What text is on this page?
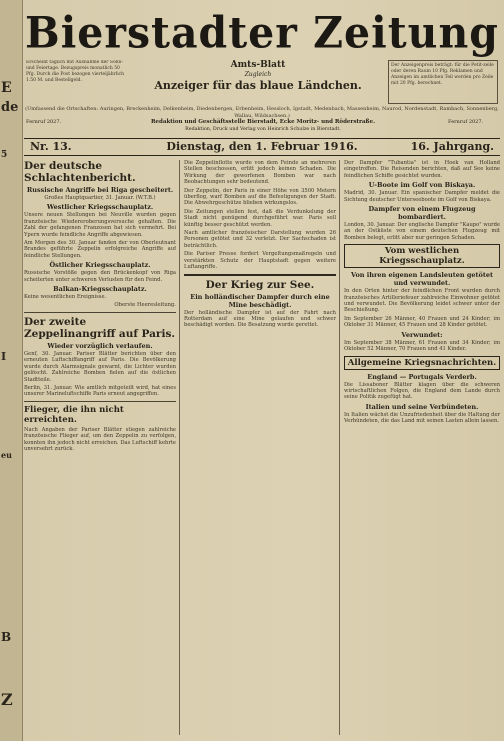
E
de
5
I
eu
B
Z
Bierstadter Zeitung
Erscheint täglich mit Ausnahme der Sonn- und Feiertage. Bezugspreis monatlich 50 Pfg. Durch die Post bezogen vierteljährlich 1.50 M. und Bestellgeld.
Amts-Blatt
Zugleich
Anzeiger für das blaue Ländchen.
Der Anzeigenpreis beträgt: für die Petit-zeile oder deren Raum 10 Pfg. Reklamen und Anzeigen im amtlichen Teil werden pro Zeile mit 20 Pfg. berechnet.
(Umfassend die Ortschaften: Auringen, Breckenheim, Delkenheim, Diedenbergen, Erbenheim, Hessloch, Igstadt, Medenbach, Massenheim, Naurod, Nordenstadt, Rambach, Sonnenberg, Wallau, Wildsachsen.)
Fernruf 2027.	Redaktion und Geschäftsstelle Bierstadt, Ecke Moritz- und Röderstraße.
Redaktion, Druck und Verlag von Heinrich Schulze in Bierstadt.
Fernruf 2027.
Nr. 13.	Dienstag, den 1. Februar 1916.	16. Jahrgang.
Der deutsche Schlachtenbericht.
Russische Angriffe bei Riga gescheitert.
Großes Hauptquartier, 31. Januar. (W.T.B.)
Westlicher Kriegsschauplatz.

Unsere neuen Stellungen bei Neuville wurden gegen französische Wiedereroberungsversuche gehalten. Die Zahl der gefangenen Franzosen hat sich vermehrt. Bei Ypern wurde feindliche Angriffe abgewiesen.

Am Morgen des 30. Januar fanden der von Oberleutnant Brandes geführte Zeppelin erfolgreiche Angriffe auf feindliche Stellungen.

Östlicher Kriegsschauplatz.

Russische Vorstöße gegen den Brückenkopf von Riga scheiterten unter schweren Verlusten für den Feind.

Balkan-Kriegsschauplatz.

Keine wesentlichen Ereignisse.

Oberste Heeresleitung.
Der zweite Zeppelinangriff auf Paris.
Wieder vorzüglich verlaufen.

Genf, 30. Januar. Pariser Blätter berichten über den erneuten Luftschiffangriff auf Paris. Die Bevölkerung wurde durch Alarmsignale gewarnt, die Lichter wurden gelöscht. Zahlreiche Bomben fielen auf die östlichen Stadtteile.

Berlin, 31. Januar. Wie amtlich mitgeteilt wird, hat eines unserer Marineluftschiffe Paris erneut angegriffen.

Flieger, die ihn nicht erreichten.

Nach Angaben der Pariser Blätter stiegen zahlreiche französische Flieger auf, um den Zeppelin zu verfolgen, konnten ihn jedoch nicht erreichen. Das Luftschiff kehrte unversehrt zurück.

Die Zeppelinflotte wurde von dem Feinde an mehreren Stellen beschossen, erlitt jedoch keinen Schaden. Die Wirkung der geworfenen Bomben war nach Beobachtungen sehr bedeutend.

Der Zeppelin, der Paris in einer Höhe von 3500 Metern überflog, warf Bomben auf die Befestigungen der Stadt. Die Abwehrgeschütze blieben wirkungslos.

Die Zeitungen stellen fest, daß die Verdunkelung der Stadt nicht genügend durchgeführt war. Paris soll künftig besser geschützt werden.

Nach amtlicher französischer Darstellung wurden 26 Personen getötet und 32 verletzt. Der Sachschaden ist beträchtlich.

Die Pariser Presse fordert Vergeltungsmaßregeln und verstärkten Schutz der Hauptstadt gegen weitere Luftangriffe.

Der Krieg zur See.
Ein holländischer Dampfer durch eine Mine beschädigt.

Der holländische Dampfer ist auf der Fahrt nach Rotterdam auf eine Mine gelaufen und schwer beschädigt worden. Die Besatzung wurde gerettet.

Der Dampfer "Tubantia" ist in Hoek van Holland eingetroffen. Die Reisenden berichten, daß auf See keine feindlichen Schiffe gesichtet wurden.

U-Boote im Golf von Biskaya.

Madrid, 30. Januar. Ein spanischer Dampfer meldet die Sichtung deutscher Unterseeboote im Golf von Biskaya.

Dampfer von einem Flugzeug bombardiert.

London, 30. Januar. Der englische Dampfer "Kaupo" wurde an der Ostküste von einem deutschen Flugzeug mit Bomben belegt, erlitt aber nur geringen Schaden.

Vom westlichen Kriegsschauplatz.
Von ihren eigenen Landsleuten getötet und verwundet.

In den Orten hinter der feindlichen Front wurden durch französisches Artilleriefeuer zahlreiche Einwohner getötet und verwundet. Die Bevölkerung leidet schwer unter der Beschießung.

Im September 26 Männer, 40 Frauen und 24 Kinder; im Oktober 31 Männer, 45 Frauen und 28 Kinder getötet.

Verwundet:

Im September 38 Männer, 61 Frauen und 34 Kinder; im Oktober 52 Männer, 70 Frauen und 41 Kinder.

Allgemeine Kriegsnachrichten.
England — Portugals Verderb.

Die Lissaboner Blätter klagen über die schweren wirtschaftlichen Folgen, die England dem Lande durch seine Politik zugefügt hat.

Italien und seine Verbündeten.

In Italien wächst die Unzufriedenheit über die Haltung der Verbündeten, die das Land mit seinen Lasten allein lassen.
